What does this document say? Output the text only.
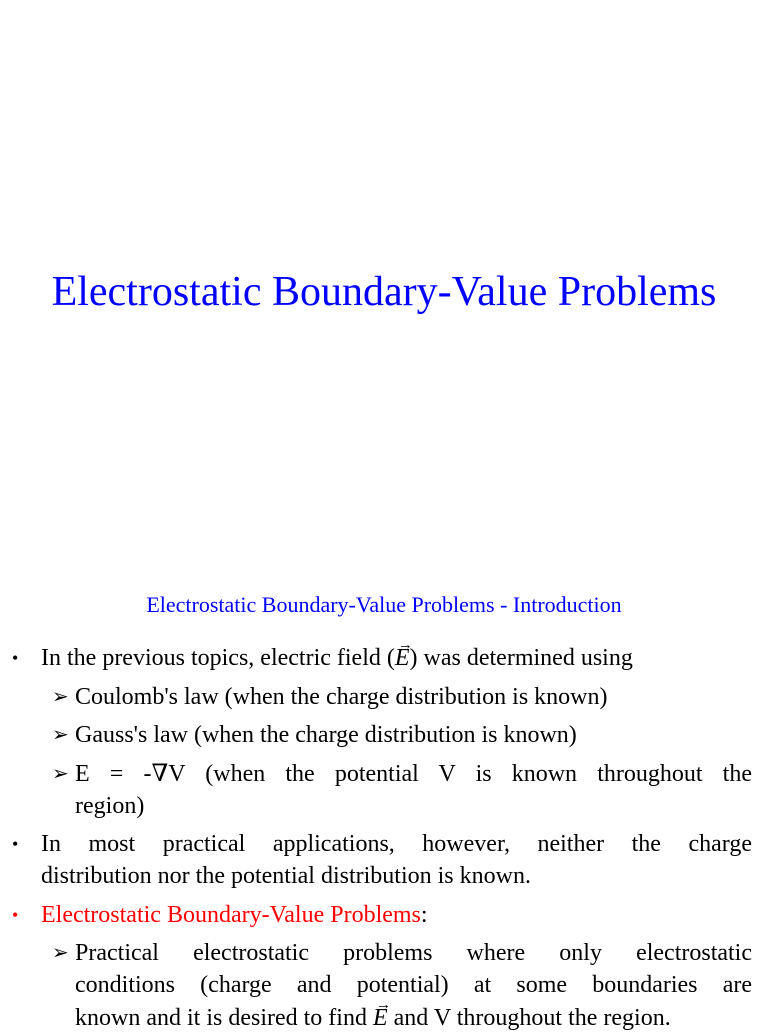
Electrostatic Boundary-Value Problems
Electrostatic Boundary-Value Problems - Introduction
• In the previous topics, electric field (→ E) was determined using
➢ Coulomb's law (when the charge distribution is known)
➢ Gauss's law (when the charge distribution is known)
➢ E = -∇V (when the potential V is known throughout the
region)
• In most practical applications, however, neither the charge
distribution nor the potential distribution is known.
• Electrostatic Boundary-Value Problems:
➢ Practical electrostatic problems where only electrostatic
conditions (charge and potential) at some boundaries are
known and it is desired to find → E and V throughout the region.
